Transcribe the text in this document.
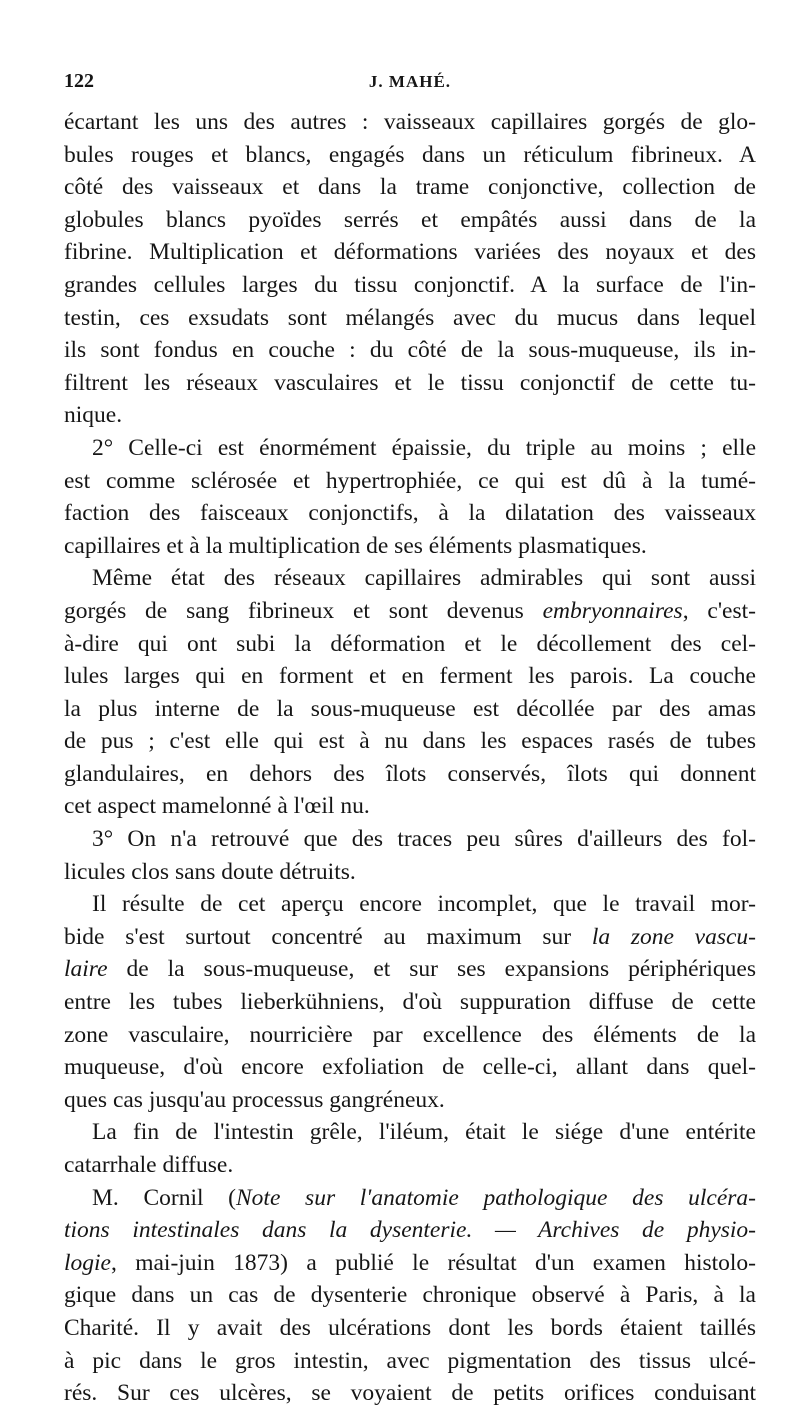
122	J. MAHÉ.
écartant les uns des autres : vaisseaux capillaires gorgés de glo-
bules rouges et blancs, engagés dans un réticulum fibrineux. A
côté des vaisseaux et dans la trame conjonctive, collection de
globules blancs pyoïdes serrés et empâtés aussi dans de la
fibrine. Multiplication et déformations variées des noyaux et des
grandes cellules larges du tissu conjonctif. A la surface de l'in-
testin, ces exsudats sont mélangés avec du mucus dans lequel
ils sont fondus en couche : du côté de la sous-muqueuse, ils in-
filtrent les réseaux vasculaires et le tissu conjonctif de cette tu-
nique.
2° Celle-ci est énormément épaissie, du triple au moins ; elle
est comme sclérosée et hypertrophiée, ce qui est dû à la tumé-
faction des faisceaux conjonctifs, à la dilatation des vaisseaux
capillaires et à la multiplication de ses éléments plasmatiques.
Même état des réseaux capillaires admirables qui sont aussi
gorgés de sang fibrineux et sont devenus embryonnaires, c'est-
à-dire qui ont subi la déformation et le décollement des cel-
lules larges qui en forment et en ferment les parois. La couche
la plus interne de la sous-muqueuse est décollée par des amas
de pus ; c'est elle qui est à nu dans les espaces rasés de tubes
glandulaires, en dehors des îlots conservés, îlots qui donnent
cet aspect mamelonné à l'œil nu.
3° On n'a retrouvé que des traces peu sûres d'ailleurs des fol-
licules clos sans doute détruits.
Il résulte de cet aperçu encore incomplet, que le travail mor-
bide s'est surtout concentré au maximum sur la zone vascu-
laire de la sous-muqueuse, et sur ses expansions périphériques
entre les tubes lieberkühniens, d'où suppuration diffuse de cette
zone vasculaire, nourricière par excellence des éléments de la
muqueuse, d'où encore exfoliation de celle-ci, allant dans quel-
ques cas jusqu'au processus gangréneux.
La fin de l'intestin grêle, l'iléum, était le siége d'une entérite
catarrhale diffuse.
M. Cornil (Note sur l'anatomie pathologique des ulcéra-
tions intestinales dans la dysenterie. — Archives de physio-
logie, mai-juin 1873) a publié le résultat d'un examen histolo-
gique dans un cas de dysenterie chronique observé à Paris, à la
Charité. Il y avait des ulcérations dont les bords étaient taillés
à pic dans le gros intestin, avec pigmentation des tissus ulcé-
rés. Sur ces ulcères, se voyaient de petits orifices conduisant
